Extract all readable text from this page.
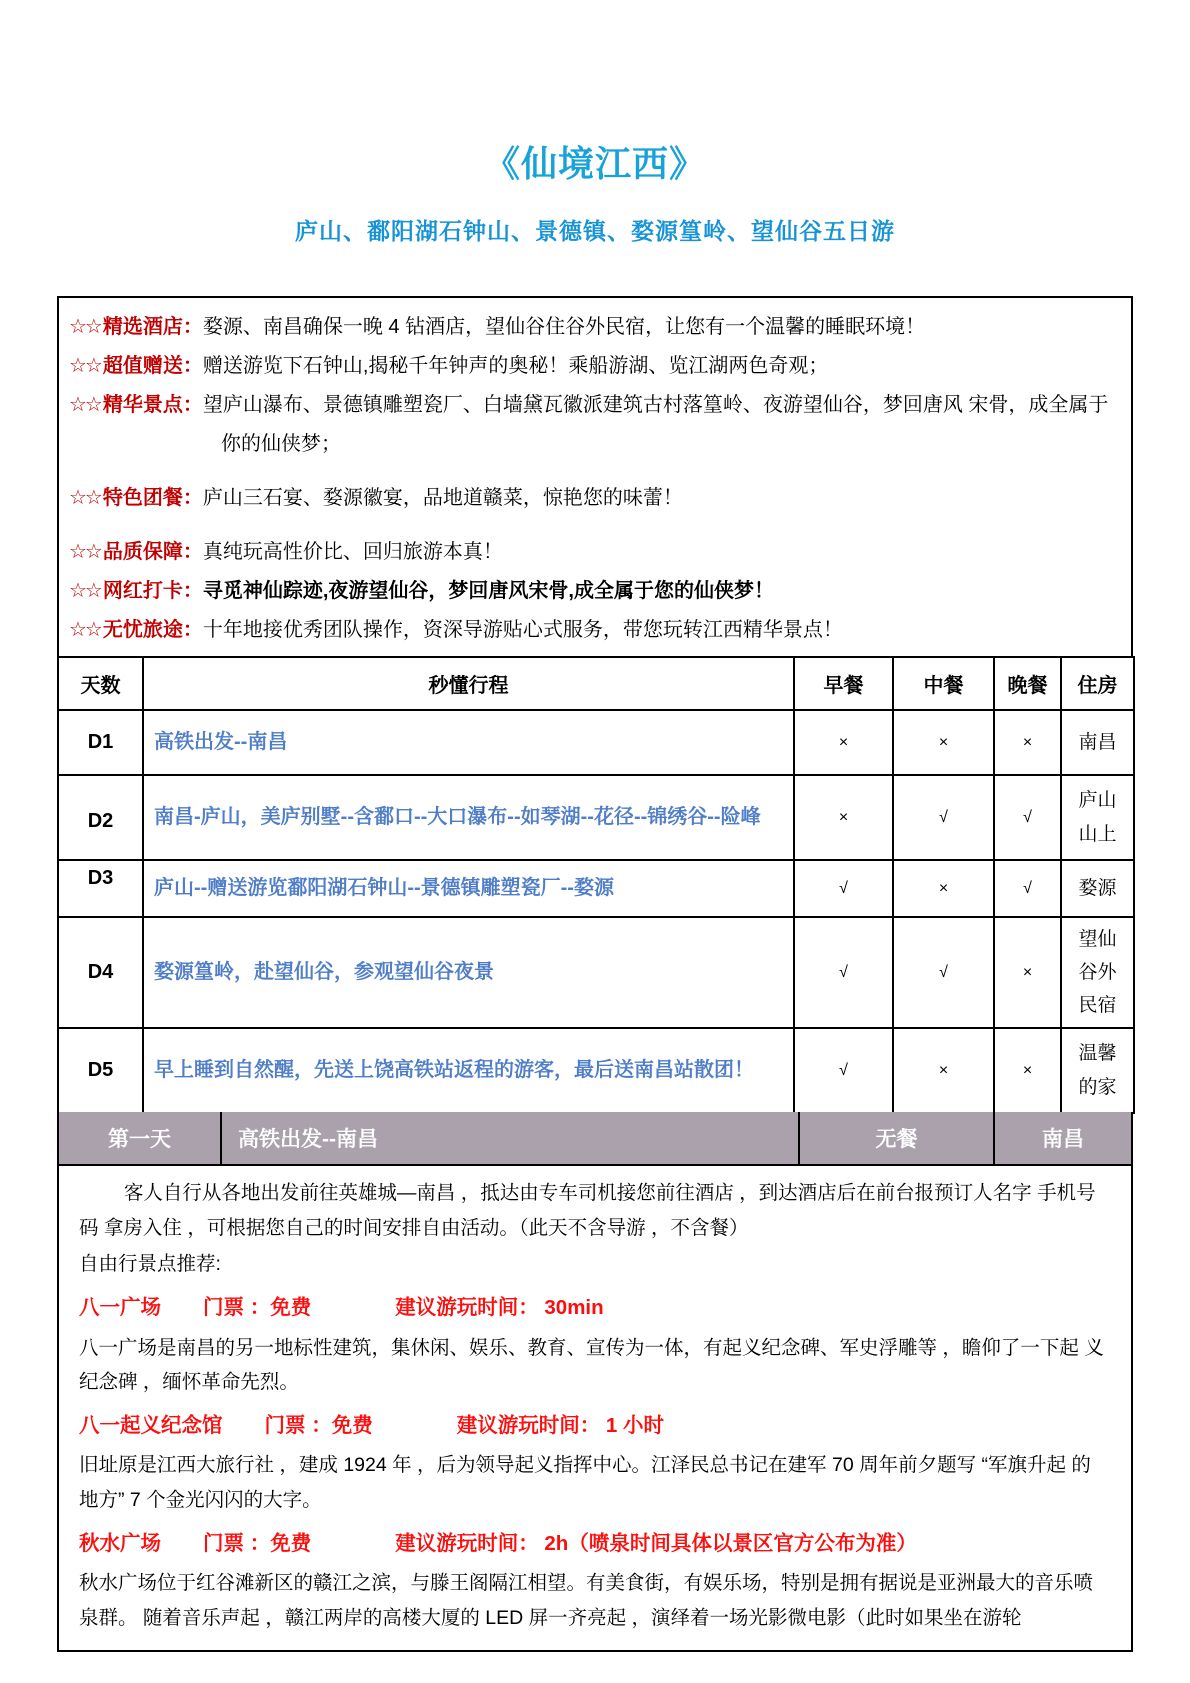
《仙境江西》
庐山、鄱阳湖石钟山、景德镇、婺源篁岭、望仙谷五日游
☆☆ 精选酒店：婺源、南昌确保一晚 4 钻酒店，望仙谷住谷外民宿，让您有一个温馨的睡眠环境！
☆☆ 超值赠送：赠送游览下石钟山,揭秘千年钟声的奥秘！乘船游湖、览江湖两色奇观；
☆☆ 精华景点：望庐山瀑布、景德镇雕塑瓷厂、白墙黛瓦徽派建筑古村落篁岭、夜游望仙谷，梦回唐风 宋骨，成全属于你的仙侠梦；
☆☆ 特色团餐：庐山三石宴、婺源徽宴，品地道赣菜，惊艳您的味蕾！
☆☆ 品质保障：真纯玩高性价比、回归旅游本真！
☆☆ 网红打卡：寻觅神仙踪迹,夜游望仙谷，梦回唐风宋骨,成全属于您的仙侠梦！
☆☆ 无忧旅途：十年地接优秀团队操作，资深导游贴心式服务，带您玩转江西精华景点！
天数	秒懂行程	早餐	中餐	晚餐	住房
D1	高铁出发--南昌	×	×	×	南昌
D2	南昌-庐山，美庐别墅--含鄱口--大口瀑布--如琴湖--花径--锦绣谷--险峰	×	√	√	庐山山上
D3	庐山--赠送游览鄱阳湖石钟山--景德镇雕塑瓷厂--婺源	√	×	√	婺源
D4	婺源篁岭，赴望仙谷，参观望仙谷夜景	√	√	×	望仙谷外民宿
D5	早上睡到自然醒，先送上饶高铁站返程的游客，最后送南昌站散团！	√	×	×	温馨的家
第一天	高铁出发--南昌	无餐	南昌
客人自行从各地出发前往英雄城—南昌 ，抵达由专车司机接您前往酒店 ，到达酒店后在前台报预订人名字 手机号码 拿房入住 ，可根据您自己的时间安排自由活动。（此天不含导游 ，不含餐）
自由行景点推荐:
八一广场 门票 ：免费	建议游玩时间： 30min
八一广场是南昌的另一地标性建筑，集休闲、娱乐、教育、宣传为一体，有起义纪念碑、军史浮雕等 ，瞻仰了一下起 义纪念碑 ，缅怀革命先烈。
八一起义纪念馆 门票 ：免费	建议游玩时间： 1 小时
旧址原是江西大旅行社 ，建成 1924 年 ，后为领导起义指挥中心。江泽民总书记在建军 70 周年前夕题写 “军旗升起 的地方” 7 个金光闪闪的大字。
秋水广场 门票 ：免费	建议游玩时间： 2h（喷泉时间具体以景区官方公布为准）
秋水广场位于红谷滩新区的赣江之滨，与滕王阁隔江相望。有美食街，有娱乐场，特别是拥有据说是亚洲最大的音乐喷泉群。 随着音乐声起 ，赣江两岸的高楼大厦的 LED 屏一齐亮起 ，演绎着一场光影微电影（此时如果坐在游轮
